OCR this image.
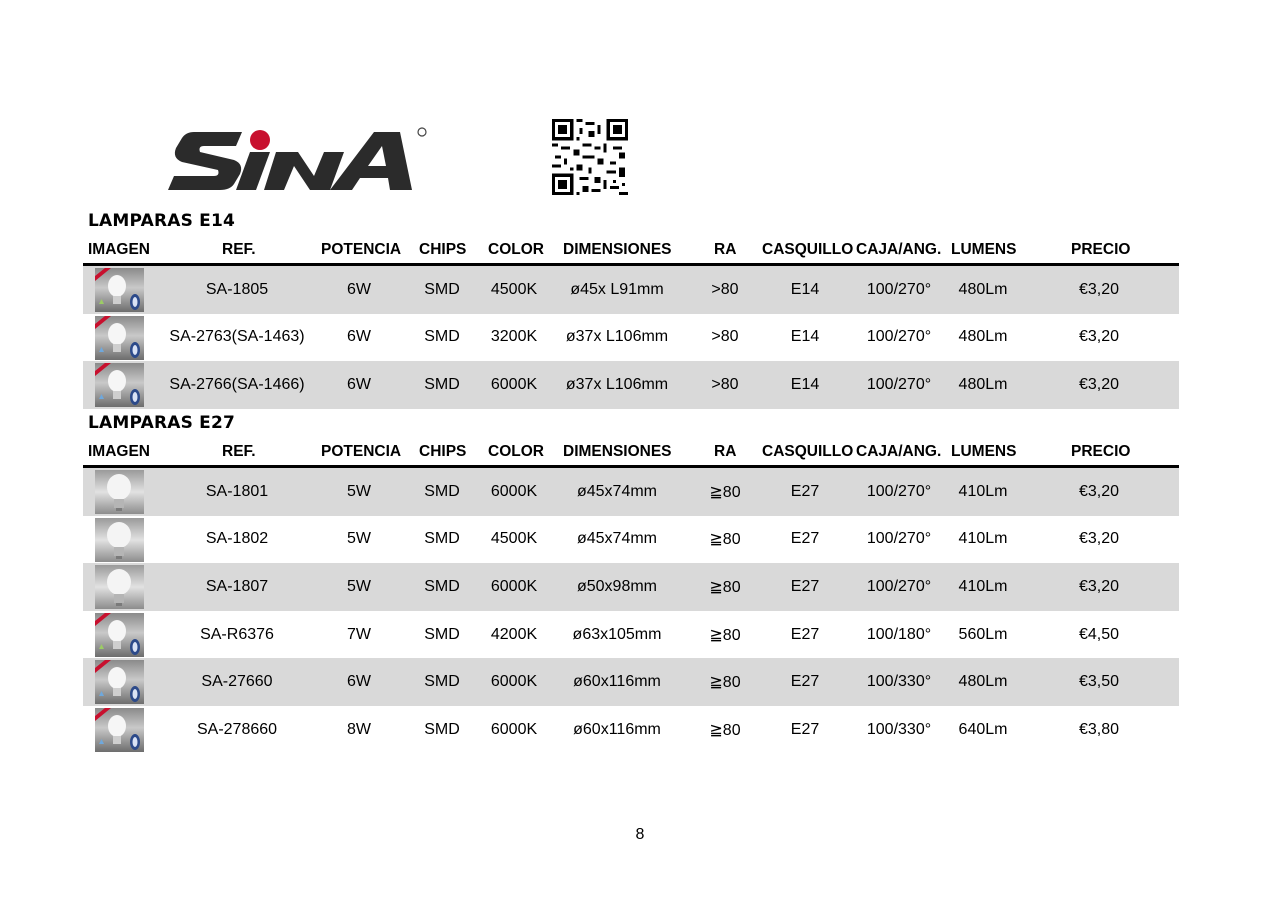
LAMPARAS E14
IMAGEN	REF.	POTENCIA CHIPS COLOR DIMENSIONES	RA CASQUILLO CAJA/ANG. LUMENS	PRECIO
SA-1805	6W	SMD 4500K ø45x L91mm	>80	E14	100/270° 480Lm	€3,20
SA-2763(SA-1463)	6W	SMD 3200K ø37x L106mm	>80	E14	100/270° 480Lm	€3,20
SA-2766(SA-1466)	6W	SMD 6000K ø37x L106mm	>80	E14	100/270° 480Lm	€3,20
LAMPARAS E27
IMAGEN	REF.	POTENCIA CHIPS COLOR DIMENSIONES	RA CASQUILLO CAJA/ANG. LUMENS	PRECIO
SA-1801	5W	SMD 6000K ø45x74mm	≧80	E27	100/270° 410Lm	€3,20
SA-1802	5W	SMD 4500K ø45x74mm	≧80	E27	100/270° 410Lm	€3,20
SA-1807	5W	SMD 6000K ø50x98mm	≧80	E27	100/270° 410Lm	€3,20
SA-R6376	7W	SMD 4200K ø63x105mm	≧80	E27	100/180° 560Lm	€4,50
SA-27660	6W	SMD 6000K ø60x116mm	≧80	E27	100/330° 480Lm	€3,50
SA-278660	8W	SMD 6000K ø60x116mm	≧80	E27	100/330° 640Lm	€3,80
8
